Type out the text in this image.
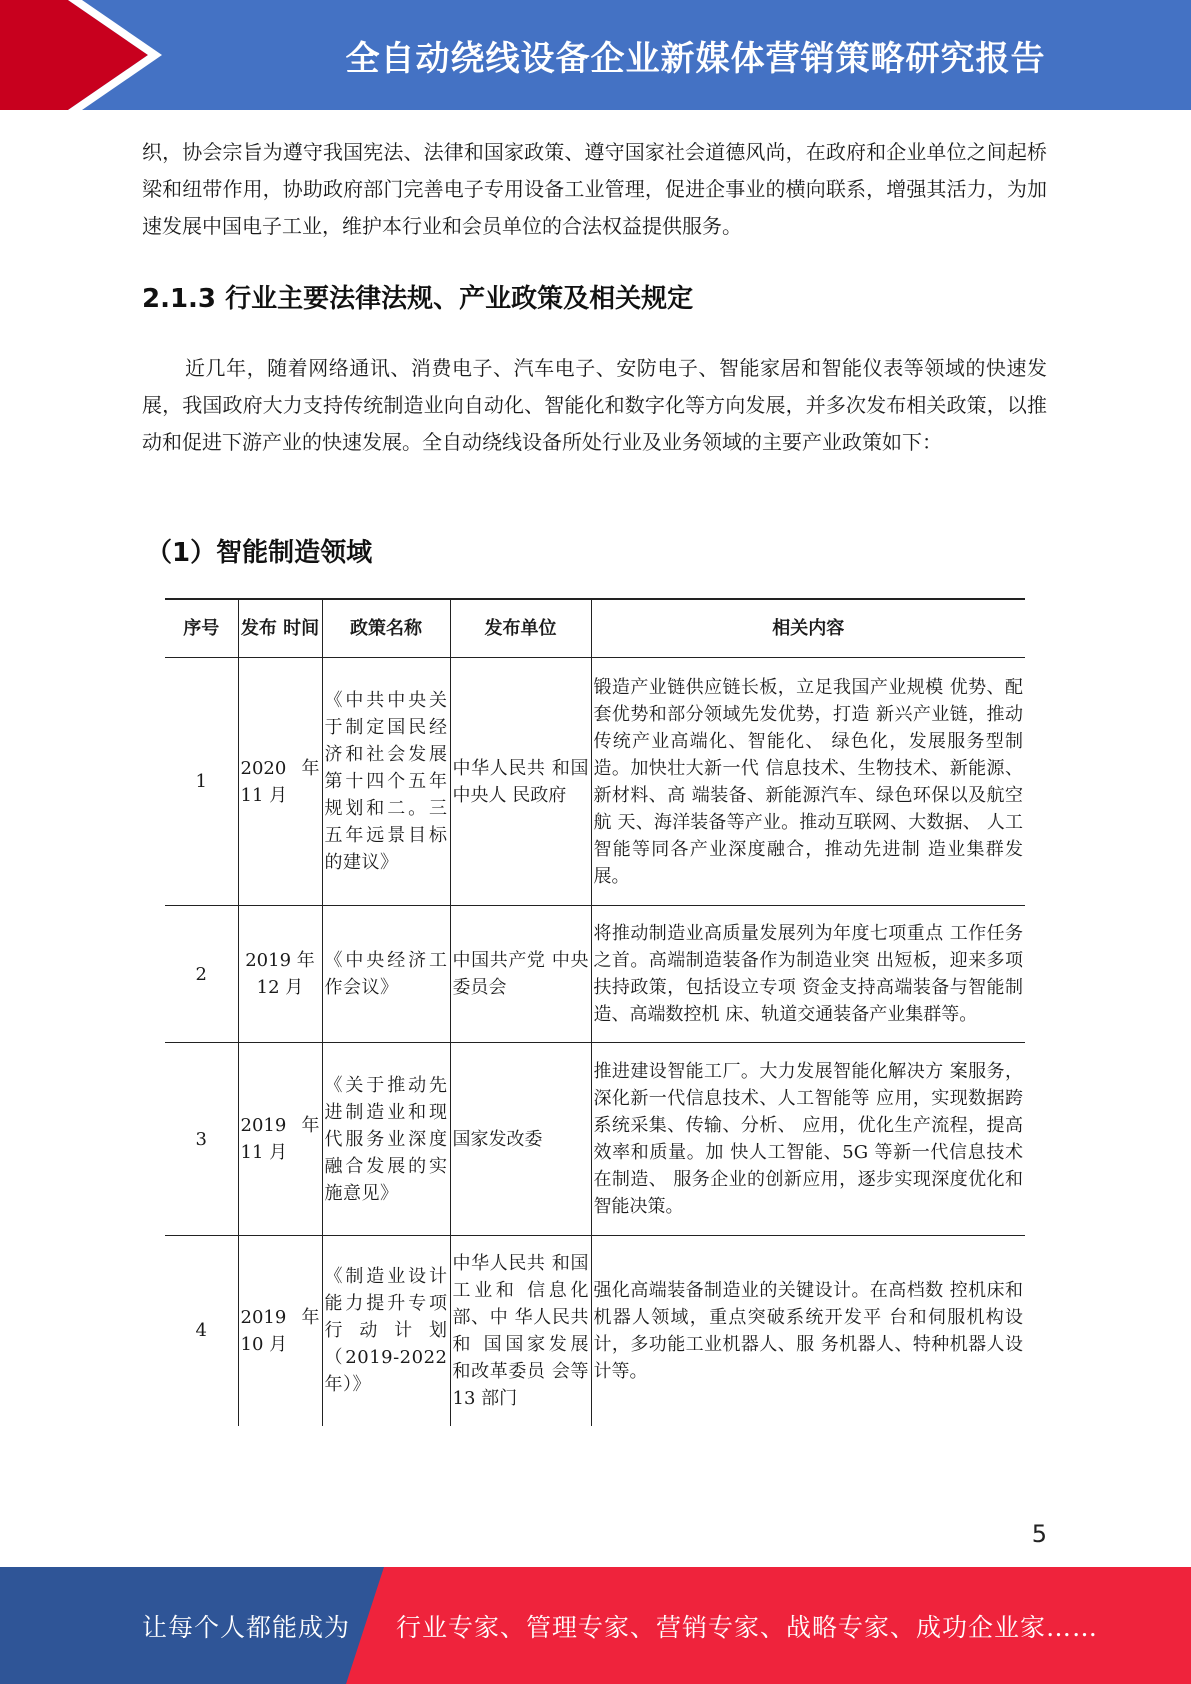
全自动绕线设备企业新媒体营销策略研究报告
织，协会宗旨为遵守我国宪法、法律和国家政策、遵守国家社会道德风尚，在政府和企业单位之间起桥梁和纽带作用，协助政府部门完善电子专用设备工业管理，促进企事业的横向联系，增强其活力，为加速发展中国电子工业，维护本行业和会员单位的合法权益提供服务。
2.1.3 行业主要法律法规、产业政策及相关规定
近几年，随着网络通讯、消费电子、汽车电子、安防电子、智能家居和智能仪表等领域的快速发展，我国政府大力支持传统制造业向自动化、智能化和数字化等方向发展，并多次发布相关政策，以推动和促进下游产业的快速发展。全自动绕线设备所处行业及业务领域的主要产业政策如下：
（1）智能制造领域
序号	发布 时间	政策名称	发布单位	相关内容
1	2020 年 11 月	《中共中央关于制定国民经济和社会发展第十四个五年规划和二。三五年远景目标的建议》	中华人民共 和国中央人 民政府	锻造产业链供应链长板，立足我国产业规模 优势、配套优势和部分领域先发优势，打造 新兴产业链，推动传统产业高端化、智能化、 绿色化，发展服务型制造。加快壮大新一代 信息技术、生物技术、新能源、新材料、高 端装备、新能源汽车、绿色环保以及航空航 天、海洋装备等产业。推动互联网、大数据、 人工智能等同各产业深度融合，推动先进制 造业集群发展。
2	2019 年 12 月	《中央经济工作会议》	中国共产党 中央委员会	将推动制造业高质量发展列为年度七项重点 工作任务之首。高端制造装备作为制造业突 出短板，迎来多项扶持政策，包括设立专项 资金支持高端装备与智能制造、高端数控机 床、轨道交通装备产业集群等。
3	2019 年 11 月	《关于推动先进制造业和现代服务业深度融合发展的实施意见》	国家发改委	推进建设智能工厂。大力发展智能化解决方 案服务，深化新一代信息技术、人工智能等 应用，实现数据跨系统采集、传输、分析、 应用，优化生产流程，提高效率和质量。加 快人工智能、5G 等新一代信息技术在制造、 服务企业的创新应用，逐步实现深度优化和 智能决策。
4	2019 年 10 月	《制造业设计能力提升专项行动计划（2019-2022 年）》	中华人民共 和国工业和 信息化部、中 华人民共和 国国家发展 和改革委员 会等 13 部门	强化高端装备制造业的关键设计。在高档数 控机床和机器人领域，重点突破系统开发平 台和伺服机构设计，多功能工业机器人、服 务机器人、特种机器人设计等。
5
让每个人都能成为 行业专家、管理专家、营销专家、战略专家、成功企业家……
